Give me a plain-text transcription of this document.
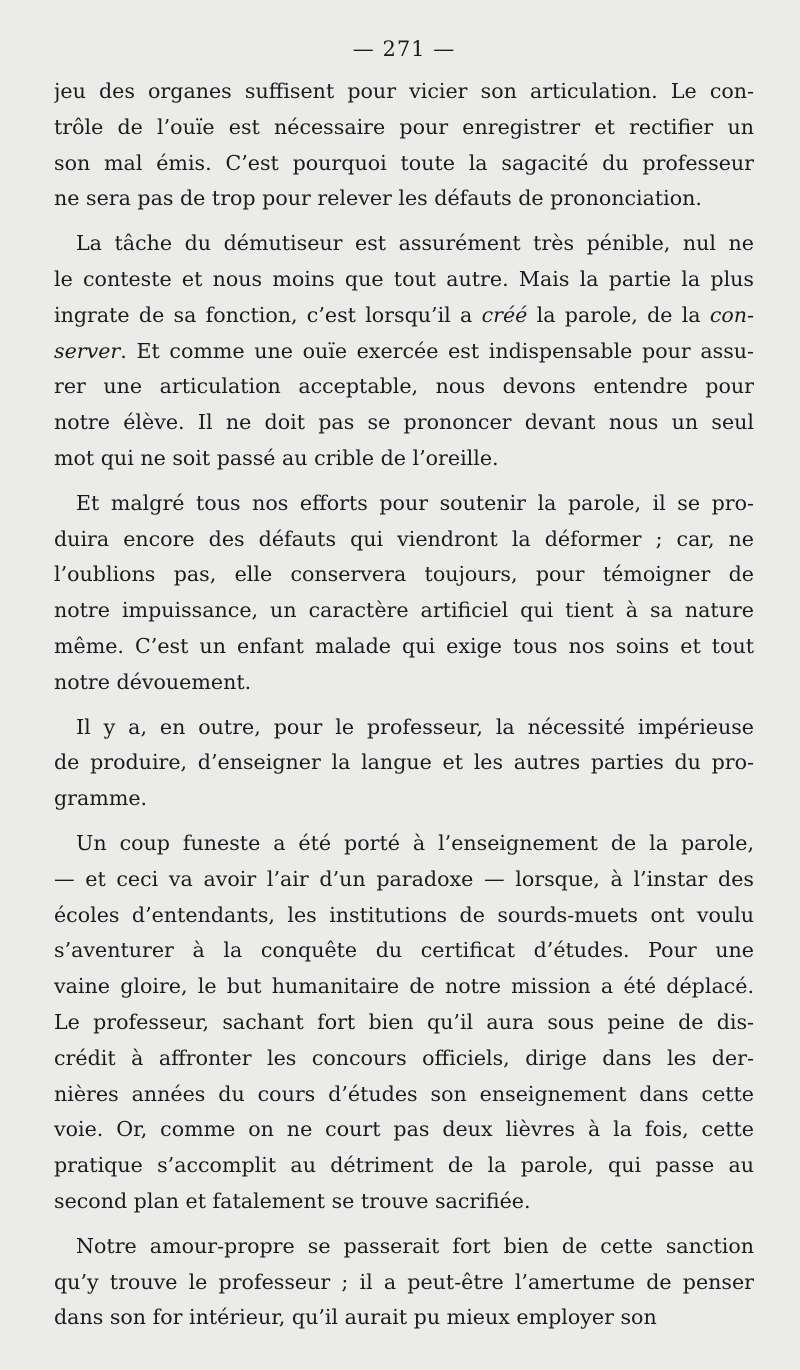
— 271 —
jeu des organes suffisent pour vicier son articulation. Le con-
trôle de l’ouïe est nécessaire pour enregistrer et rectifier un
son mal émis. C’est pourquoi toute la sagacité du professeur
ne sera pas de trop pour relever les défauts de prononciation.
La tâche du démutiseur est assurément très pénible, nul ne
le conteste et nous moins que tout autre. Mais la partie la plus
ingrate de sa fonction, c’est lorsqu’il a créé la parole, de la con-
server. Et comme une ouïe exercée est indispensable pour assu-
rer une articulation acceptable, nous devons entendre pour
notre élève. Il ne doit pas se prononcer devant nous un seul
mot qui ne soit passé au crible de l’oreille.
Et malgré tous nos efforts pour soutenir la parole, il se pro-
duira encore des défauts qui viendront la déformer ; car, ne
l’oublions pas, elle conservera toujours, pour témoigner de
notre impuissance, un caractère artificiel qui tient à sa nature
même. C’est un enfant malade qui exige tous nos soins et tout
notre dévouement.
Il y a, en outre, pour le professeur, la nécessité impérieuse
de produire, d’enseigner la langue et les autres parties du pro-
gramme.
Un coup funeste a été porté à l’enseignement de la parole,
— et ceci va avoir l’air d’un paradoxe — lorsque, à l’instar des
écoles d’entendants, les institutions de sourds-muets ont voulu
s’aventurer à la conquête du certificat d’études. Pour une
vaine gloire, le but humanitaire de notre mission a été déplacé.
Le professeur, sachant fort bien qu’il aura sous peine de dis-
crédit à affronter les concours officiels, dirige dans les der-
nières années du cours d’études son enseignement dans cette
voie. Or, comme on ne court pas deux lièvres à la fois, cette
pratique s’accomplit au détriment de la parole, qui passe au
second plan et fatalement se trouve sacrifiée.
Notre amour-propre se passerait fort bien de cette sanction
qu’y trouve le professeur ; il a peut-être l’amertume de penser
dans son for intérieur, qu’il aurait pu mieux employer son
